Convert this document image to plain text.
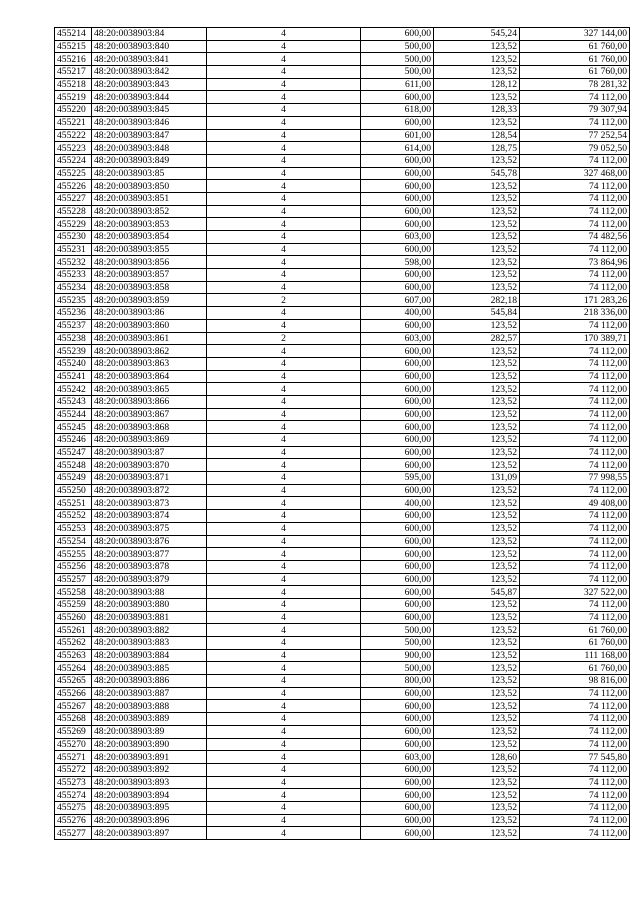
455214	48:20:0038903:84	4	600,00	545,24	327 144,00
455215	48:20:0038903:840	4	500,00	123,52	61 760,00
455216	48:20:0038903:841	4	500,00	123,52	61 760,00
455217	48:20:0038903:842	4	500,00	123,52	61 760,00
455218	48:20:0038903:843	4	611,00	128,12	78 281,32
455219	48:20:0038903:844	4	600,00	123,52	74 112,00
455220	48:20:0038903:845	4	618,00	128,33	79 307,94
455221	48:20:0038903:846	4	600,00	123,52	74 112,00
455222	48:20:0038903:847	4	601,00	128,54	77 252,54
455223	48:20:0038903:848	4	614,00	128,75	79 052,50
455224	48:20:0038903:849	4	600,00	123,52	74 112,00
455225	48:20:0038903:85	4	600,00	545,78	327 468,00
455226	48:20:0038903:850	4	600,00	123,52	74 112,00
455227	48:20:0038903:851	4	600,00	123,52	74 112,00
455228	48:20:0038903:852	4	600,00	123,52	74 112,00
455229	48:20:0038903:853	4	600,00	123,52	74 112,00
455230	48:20:0038903:854	4	603,00	123,52	74 482,56
455231	48:20:0038903:855	4	600,00	123,52	74 112,00
455232	48:20:0038903:856	4	598,00	123,52	73 864,96
455233	48:20:0038903:857	4	600,00	123,52	74 112,00
455234	48:20:0038903:858	4	600,00	123,52	74 112,00
455235	48:20:0038903:859	2	607,00	282,18	171 283,26
455236	48:20:0038903:86	4	400,00	545,84	218 336,00
455237	48:20:0038903:860	4	600,00	123,52	74 112,00
455238	48:20:0038903:861	2	603,00	282,57	170 389,71
455239	48:20:0038903:862	4	600,00	123,52	74 112,00
455240	48:20:0038903:863	4	600,00	123,52	74 112,00
455241	48:20:0038903:864	4	600,00	123,52	74 112,00
455242	48:20:0038903:865	4	600,00	123,52	74 112,00
455243	48:20:0038903:866	4	600,00	123,52	74 112,00
455244	48:20:0038903:867	4	600,00	123,52	74 112,00
455245	48:20:0038903:868	4	600,00	123,52	74 112,00
455246	48:20:0038903:869	4	600,00	123,52	74 112,00
455247	48:20:0038903:87	4	600,00	123,52	74 112,00
455248	48:20:0038903:870	4	600,00	123,52	74 112,00
455249	48:20:0038903:871	4	595,00	131,09	77 998,55
455250	48:20:0038903:872	4	600,00	123,52	74 112,00
455251	48:20:0038903:873	4	400,00	123,52	49 408,00
455252	48:20:0038903:874	4	600,00	123,52	74 112,00
455253	48:20:0038903:875	4	600,00	123,52	74 112,00
455254	48:20:0038903:876	4	600,00	123,52	74 112,00
455255	48:20:0038903:877	4	600,00	123,52	74 112,00
455256	48:20:0038903:878	4	600,00	123,52	74 112,00
455257	48:20:0038903:879	4	600,00	123,52	74 112,00
455258	48:20:0038903:88	4	600,00	545,87	327 522,00
455259	48:20:0038903:880	4	600,00	123,52	74 112,00
455260	48:20:0038903:881	4	600,00	123,52	74 112,00
455261	48:20:0038903:882	4	500,00	123,52	61 760,00
455262	48:20:0038903:883	4	500,00	123,52	61 760,00
455263	48:20:0038903:884	4	900,00	123,52	111 168,00
455264	48:20:0038903:885	4	500,00	123,52	61 760,00
455265	48:20:0038903:886	4	800,00	123,52	98 816,00
455266	48:20:0038903:887	4	600,00	123,52	74 112,00
455267	48:20:0038903:888	4	600,00	123,52	74 112,00
455268	48:20:0038903:889	4	600,00	123,52	74 112,00
455269	48:20:0038903:89	4	600,00	123,52	74 112,00
455270	48:20:0038903:890	4	600,00	123,52	74 112,00
455271	48:20:0038903:891	4	603,00	128,60	77 545,80
455272	48:20:0038903:892	4	600,00	123,52	74 112,00
455273	48:20:0038903:893	4	600,00	123,52	74 112,00
455274	48:20:0038903:894	4	600,00	123,52	74 112,00
455275	48:20:0038903:895	4	600,00	123,52	74 112,00
455276	48:20:0038903:896	4	600,00	123,52	74 112,00
455277	48:20:0038903:897	4	600,00	123,52	74 112,00
